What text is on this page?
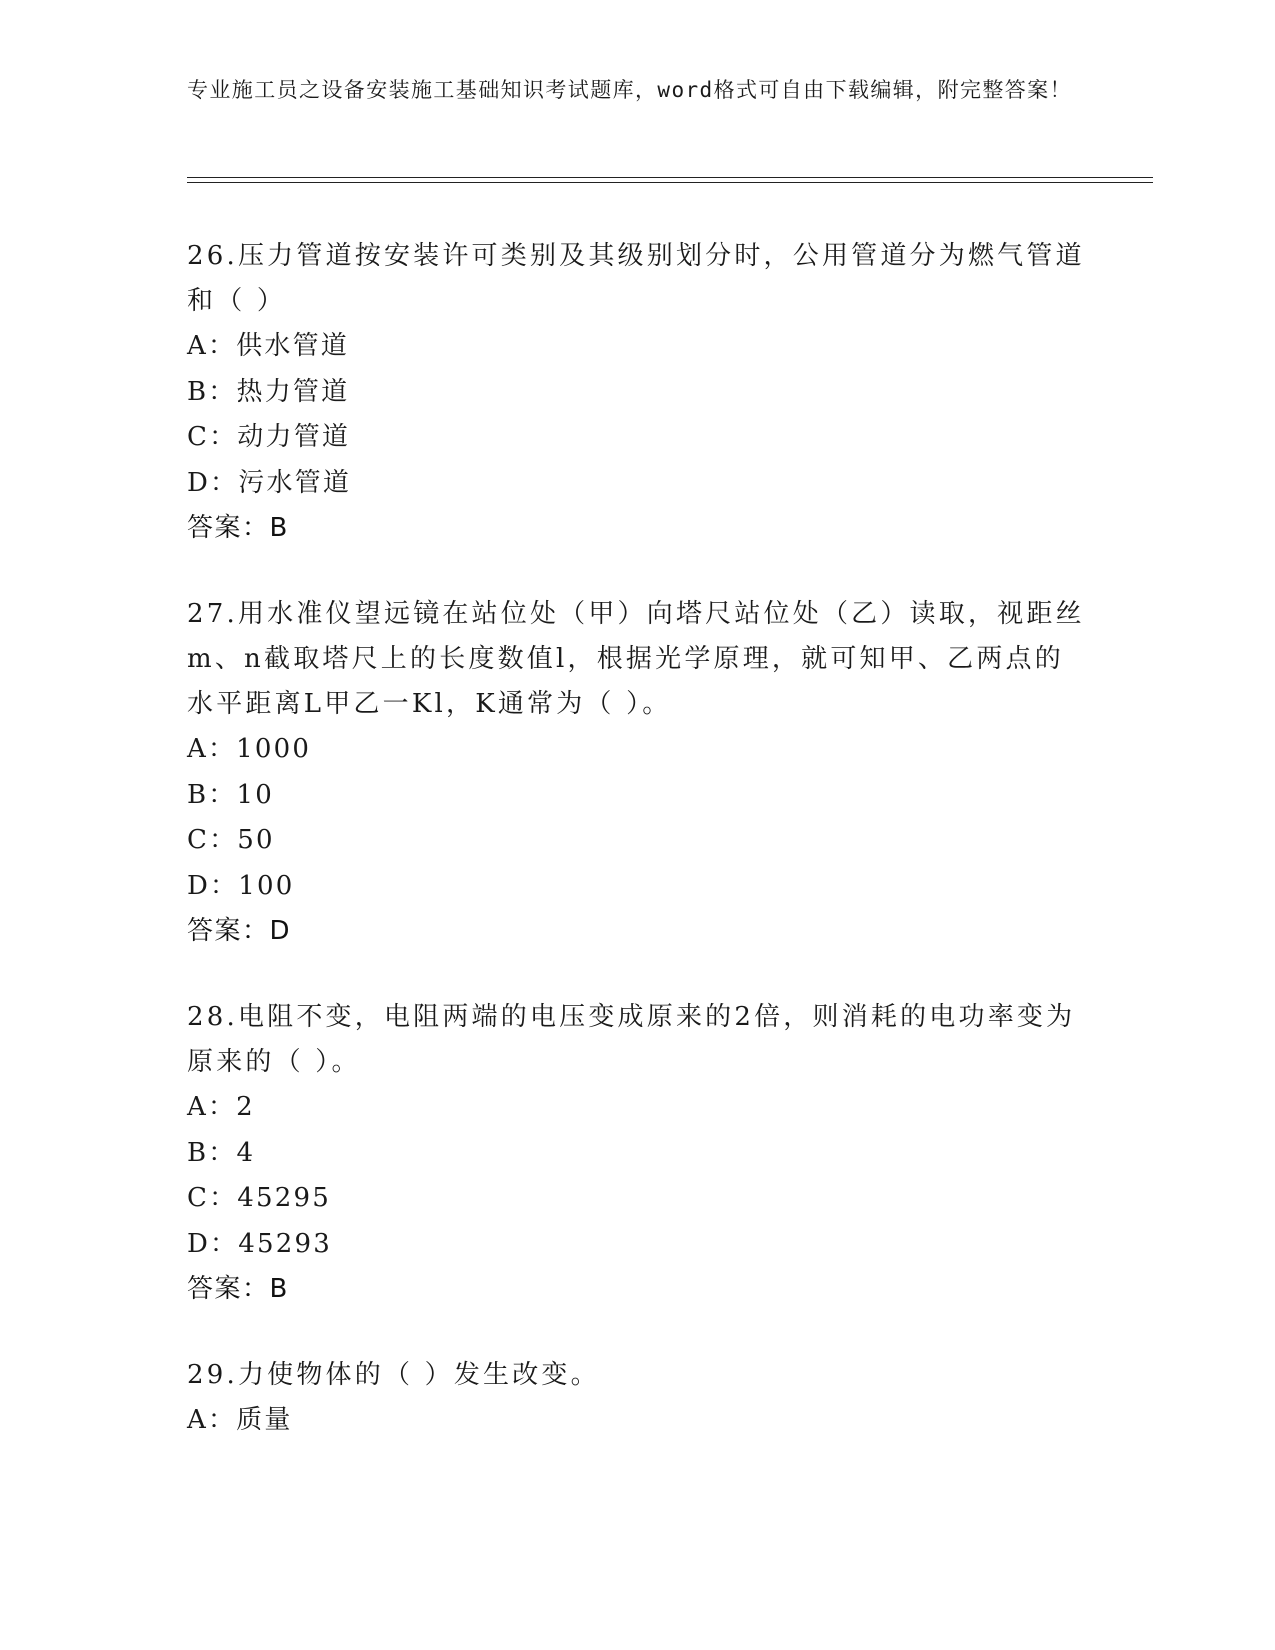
专业施工员之设备安装施工基础知识考试题库，word格式可自由下载编辑，附完整答案！

26.压力管道按安装许可类别及其级别划分时，公用管道分为燃气管道和（ ）

A：供水管道

B：热力管道

C：动力管道

D：污水管道

答案：B

27.用水准仪望远镜在站位处（甲）向塔尺站位处（乙）读取，视距丝m、n截取塔尺上的长度数值l，根据光学原理，就可知甲、乙两点的水平距离L甲乙一Kl，K通常为（ ）。

A：1000

B：10

C：50

D：100

答案：D

28.电阻不变，电阻两端的电压变成原来的2倍，则消耗的电功率变为原来的（ ）。

A：2

B：4

C：45295

D：45293

答案：B

29.力使物体的（ ）发生改变。

A：质量
